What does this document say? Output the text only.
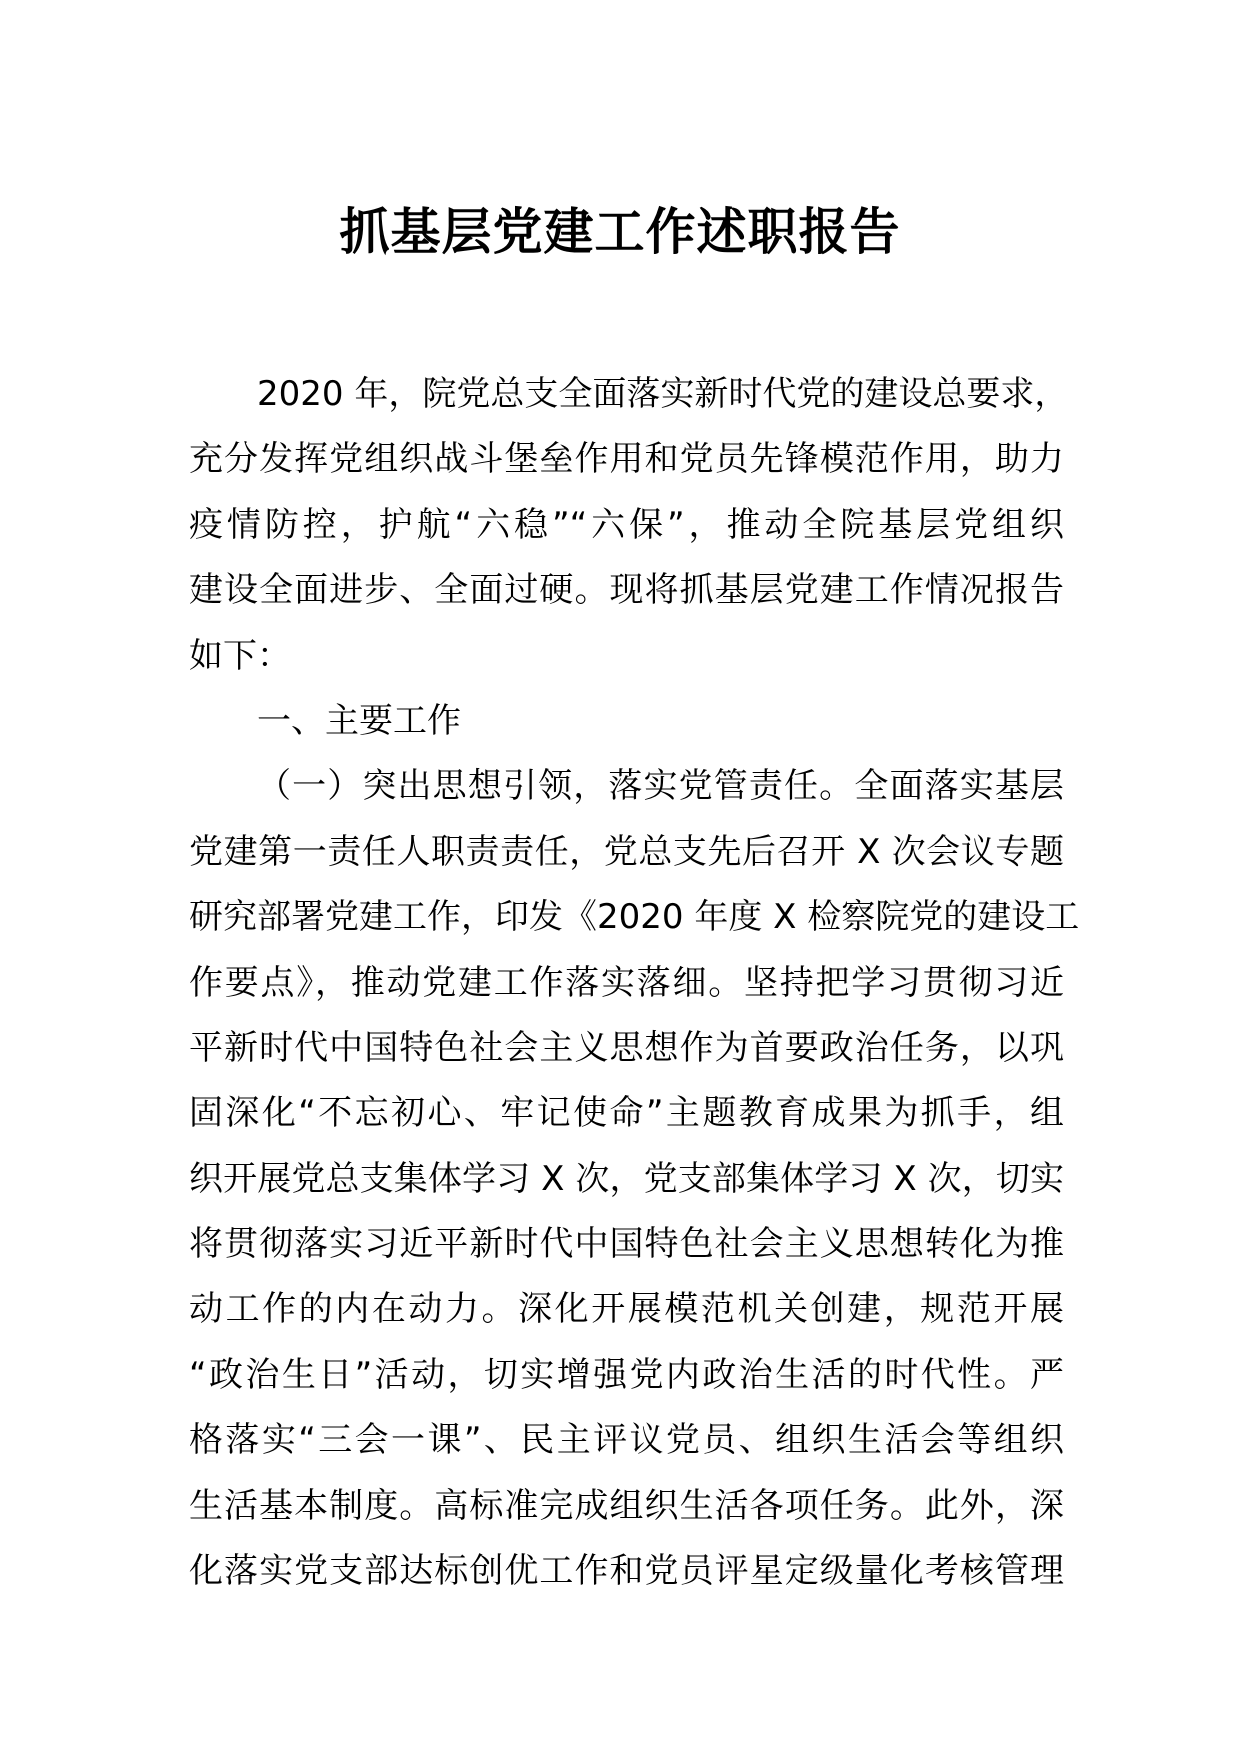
抓基层党建工作述职报告
2020 年，院党总支全面落实新时代党的建设总要求，
充分发挥党组织战斗堡垒作用和党员先锋模范作用，助力
疫情防控，护航“六稳”“六保”，推动全院基层党组织
建设全面进步、全面过硬。现将抓基层党建工作情况报告
如下：
一、主要工作
（一）突出思想引领，落实党管责任。全面落实基层
党建第一责任人职责责任，党总支先后召开 X 次会议专题
研究部署党建工作，印发《2020 年度 X 检察院党的建设工
作要点》，推动党建工作落实落细。坚持把学习贯彻习近
平新时代中国特色社会主义思想作为首要政治任务，以巩
固深化“不忘初心、牢记使命”主题教育成果为抓手，组
织开展党总支集体学习 X 次，党支部集体学习 X 次，切实
将贯彻落实习近平新时代中国特色社会主义思想转化为推
动工作的内在动力。深化开展模范机关创建，规范开展
“政治生日”活动，切实增强党内政治生活的时代性。严
格落实“三会一课”、民主评议党员、组织生活会等组织
生活基本制度。高标准完成组织生活各项任务。此外，深
化落实党支部达标创优工作和党员评星定级量化考核管理
